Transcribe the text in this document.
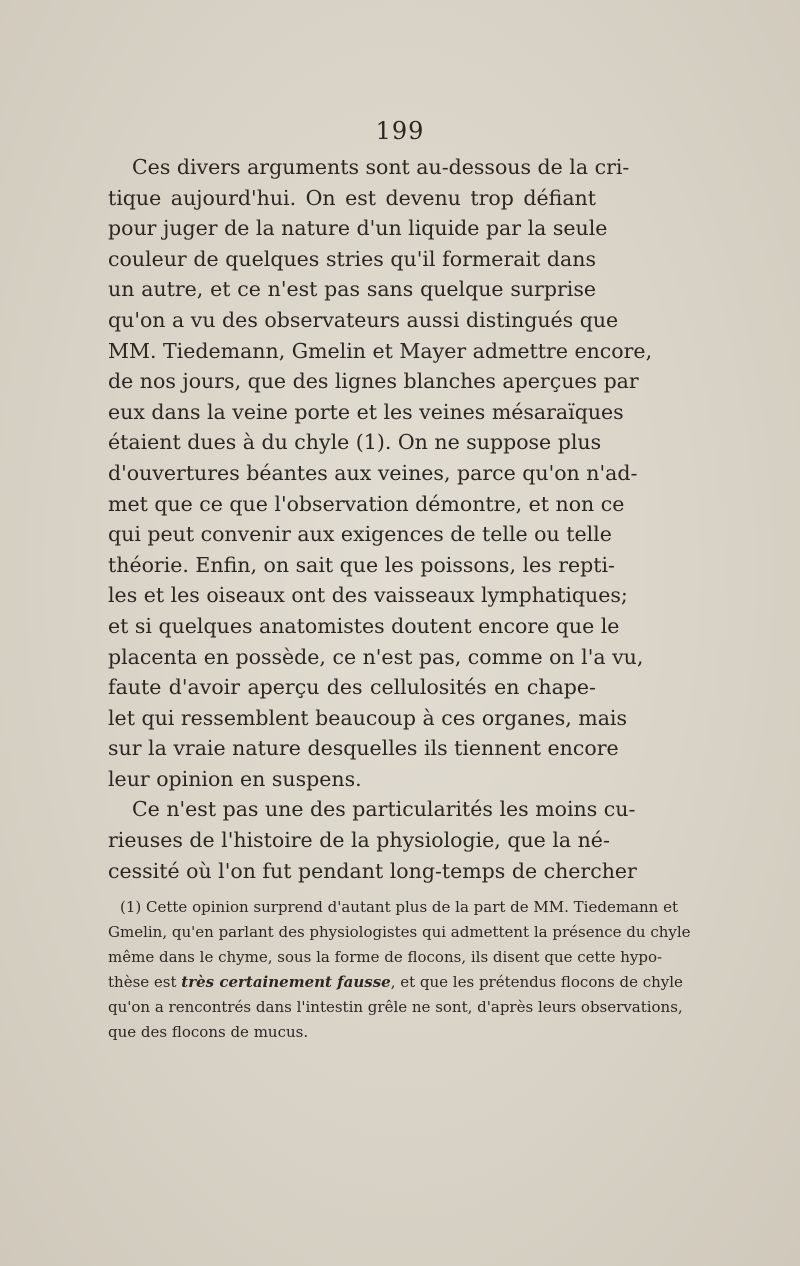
199
Ces divers arguments sont au-dessous de la cri-
tique aujourd'hui. On est devenu trop défiant
pour juger de la nature d'un liquide par la seule
couleur de quelques stries qu'il formerait dans
un autre, et ce n'est pas sans quelque surprise
qu'on a vu des observateurs aussi distingués que
MM. Tiedemann, Gmelin et Mayer admettre encore,
de nos jours, que des lignes blanches aperçues par
eux dans la veine porte et les veines mésaraïques
étaient dues à du chyle (1). On ne suppose plus
d'ouvertures béantes aux veines, parce qu'on n'ad-
met que ce que l'observation démontre, et non ce
qui peut convenir aux exigences de telle ou telle
théorie. Enfin, on sait que les poissons, les repti-
les et les oiseaux ont des vaisseaux lymphatiques;
et si quelques anatomistes doutent encore que le
placenta en possède, ce n'est pas, comme on l'a vu,
faute d'avoir aperçu des cellulosités en chape-
let qui ressemblent beaucoup à ces organes, mais
sur la vraie nature desquelles ils tiennent encore
leur opinion en suspens.
Ce n'est pas une des particularités les moins cu-
rieuses de l'histoire de la physiologie, que la né-
cessité où l'on fut pendant long-temps de chercher
(1) Cette opinion surprend d'autant plus de la part de MM. Tiedemann et
Gmelin, qu'en parlant des physiologistes qui admettent la présence du chyle
même dans le chyme, sous la forme de flocons, ils disent que cette hypo-
thèse est très certainement fausse, et que les prétendus flocons de chyle
qu'on a rencontrés dans l'intestin grêle ne sont, d'après leurs observations,
que des flocons de mucus.
